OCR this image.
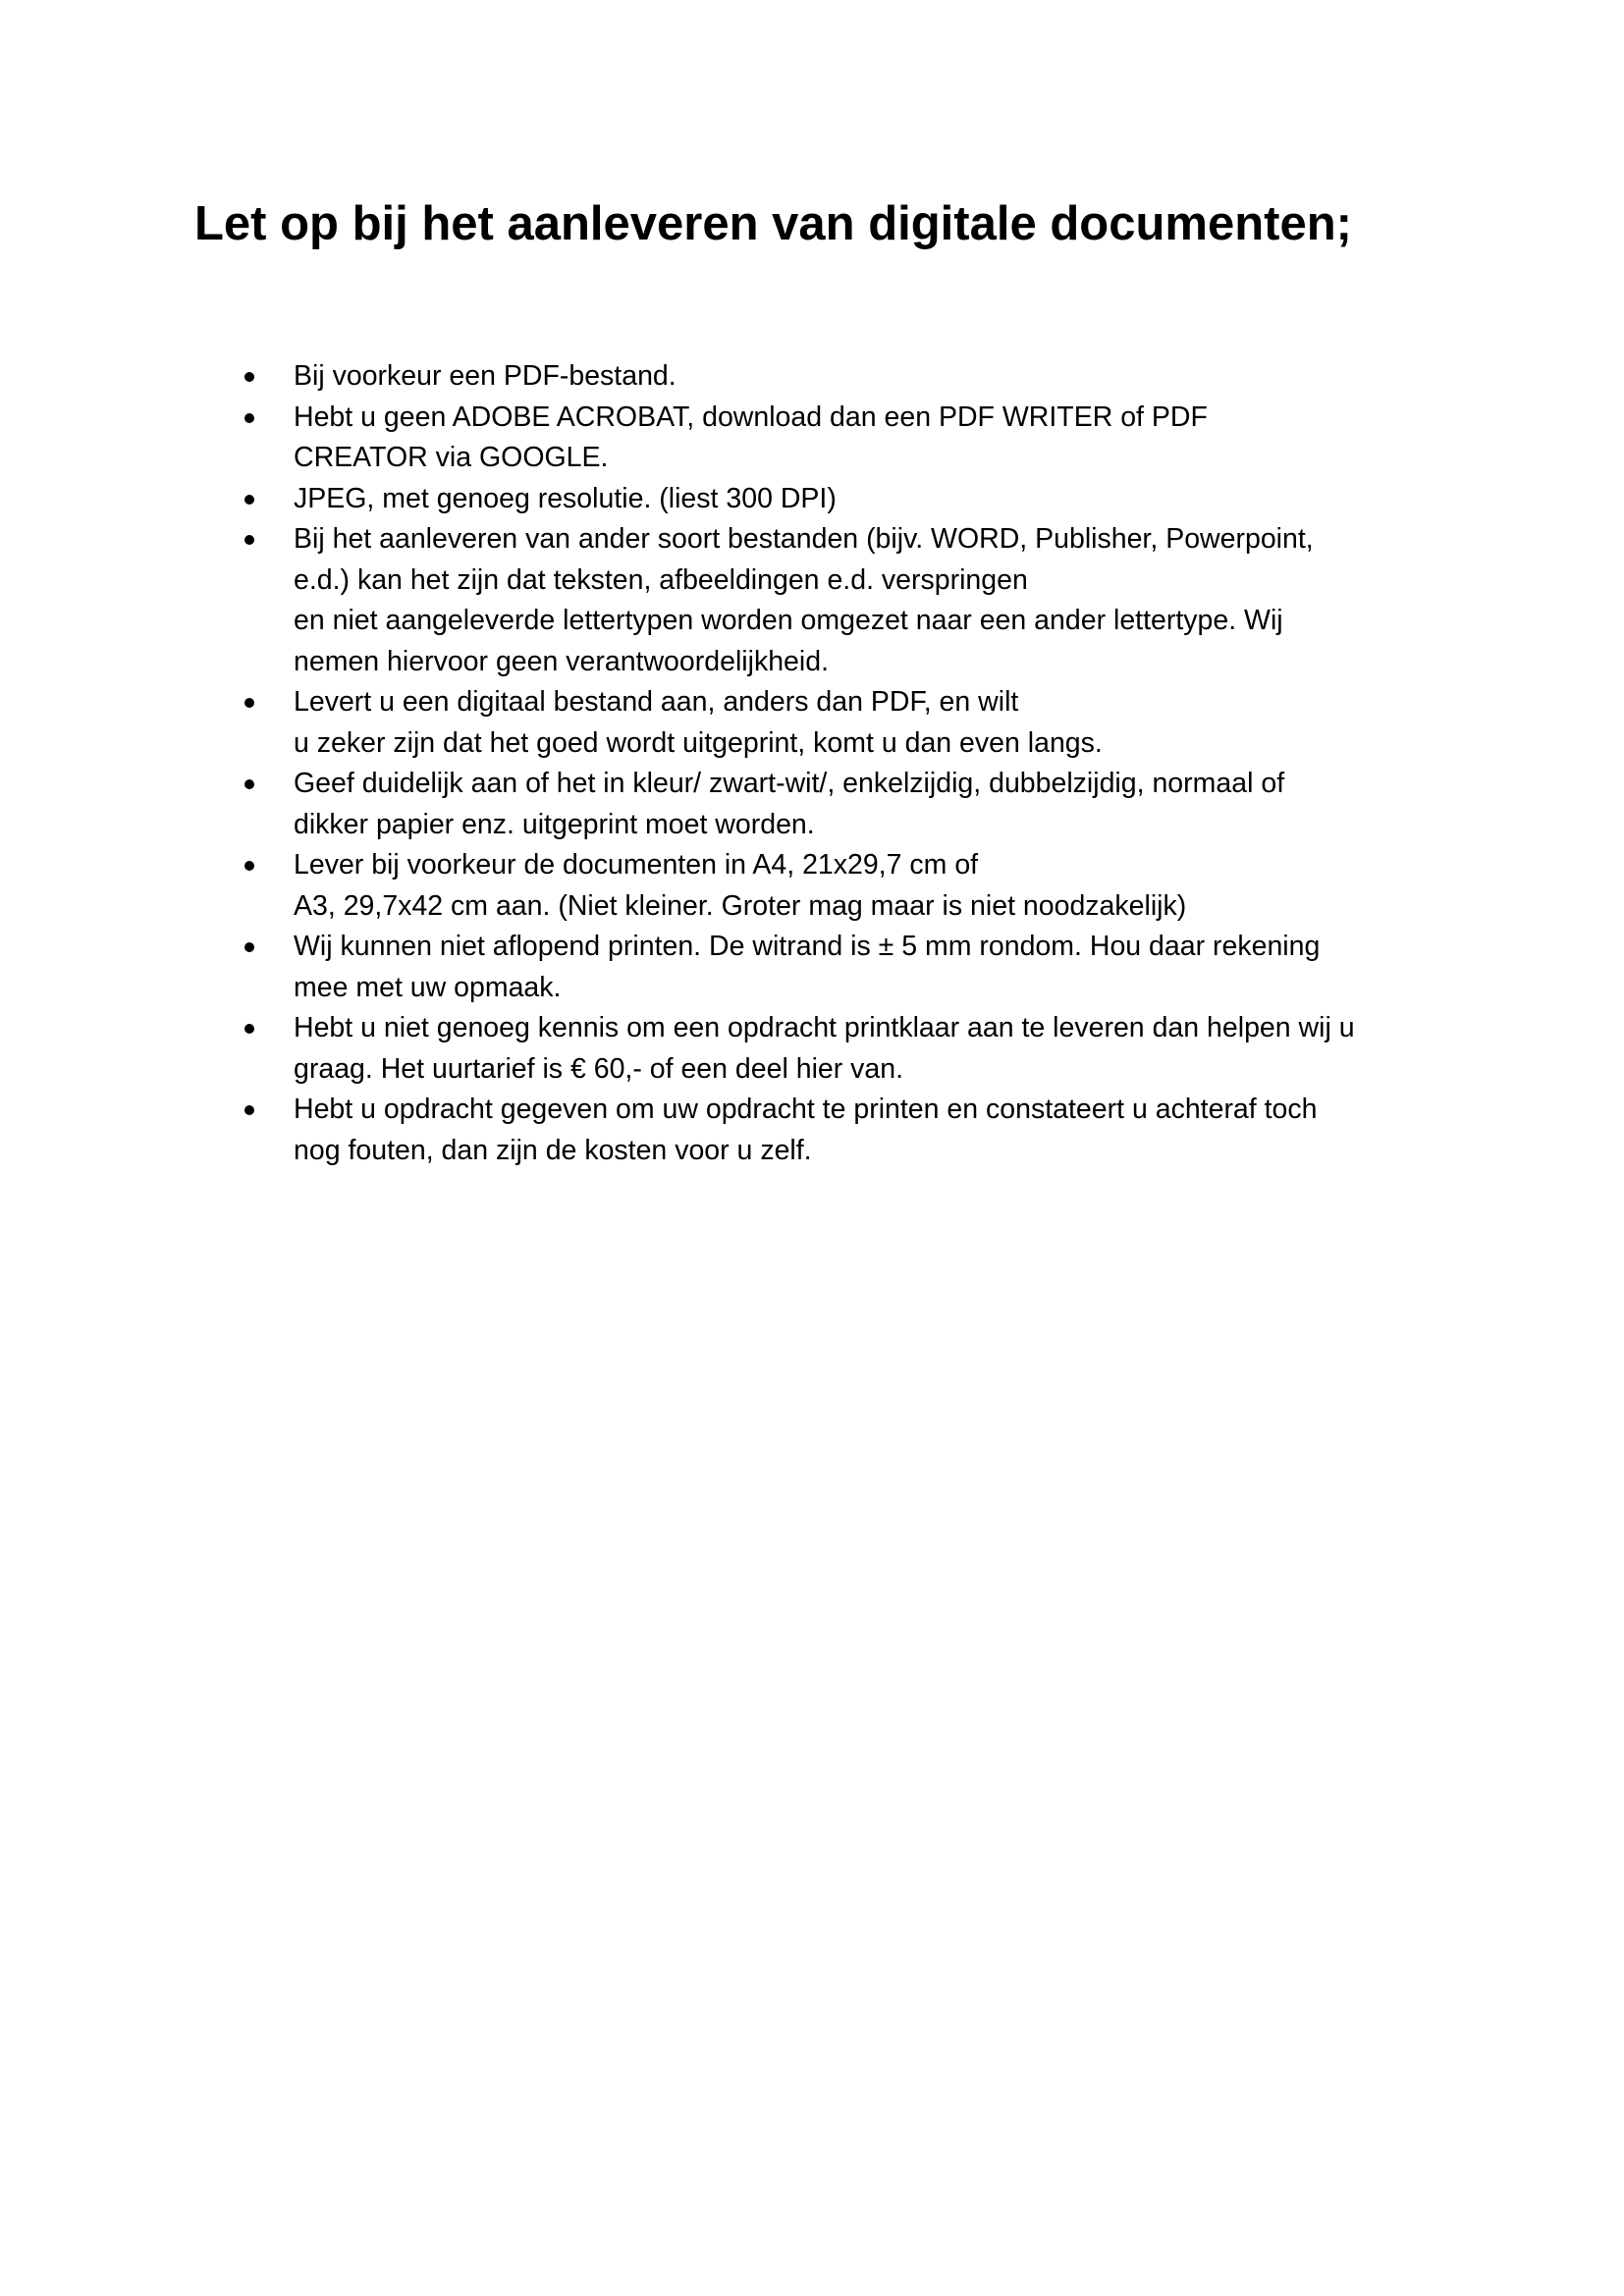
Let op bij het aanleveren van digitale documenten;
Bij voorkeur een PDF-bestand.
Hebt u geen ADOBE ACROBAT, download dan een PDF WRITER of PDF
CREATOR via GOOGLE.
JPEG, met genoeg resolutie. (liest 300 DPI)
Bij het aanleveren van ander soort bestanden (bijv. WORD, Publisher, Powerpoint,
e.d.) kan het zijn dat teksten, afbeeldingen e.d. verspringen
en niet aangeleverde lettertypen worden omgezet naar een ander lettertype. Wij
nemen hiervoor geen verantwoordelijkheid.
Levert u een digitaal bestand aan, anders dan PDF, en wilt
u zeker zijn dat het goed wordt uitgeprint, komt u dan even langs.
Geef duidelijk aan of het in kleur/ zwart-wit/, enkelzijdig, dubbelzijdig, normaal of
dikker papier enz. uitgeprint moet worden.
Lever bij voorkeur de documenten in A4, 21x29,7 cm of
A3, 29,7x42 cm aan. (Niet kleiner. Groter mag maar is niet noodzakelijk)
Wij kunnen niet aflopend printen. De witrand is ± 5 mm rondom. Hou daar rekening
mee met uw opmaak.
Hebt u niet genoeg kennis om een opdracht printklaar aan te leveren dan helpen wij u
graag. Het uurtarief is € 60,- of een deel hier van.
Hebt u opdracht gegeven om uw opdracht te printen en constateert u achteraf toch
nog fouten, dan zijn de kosten voor u zelf.
